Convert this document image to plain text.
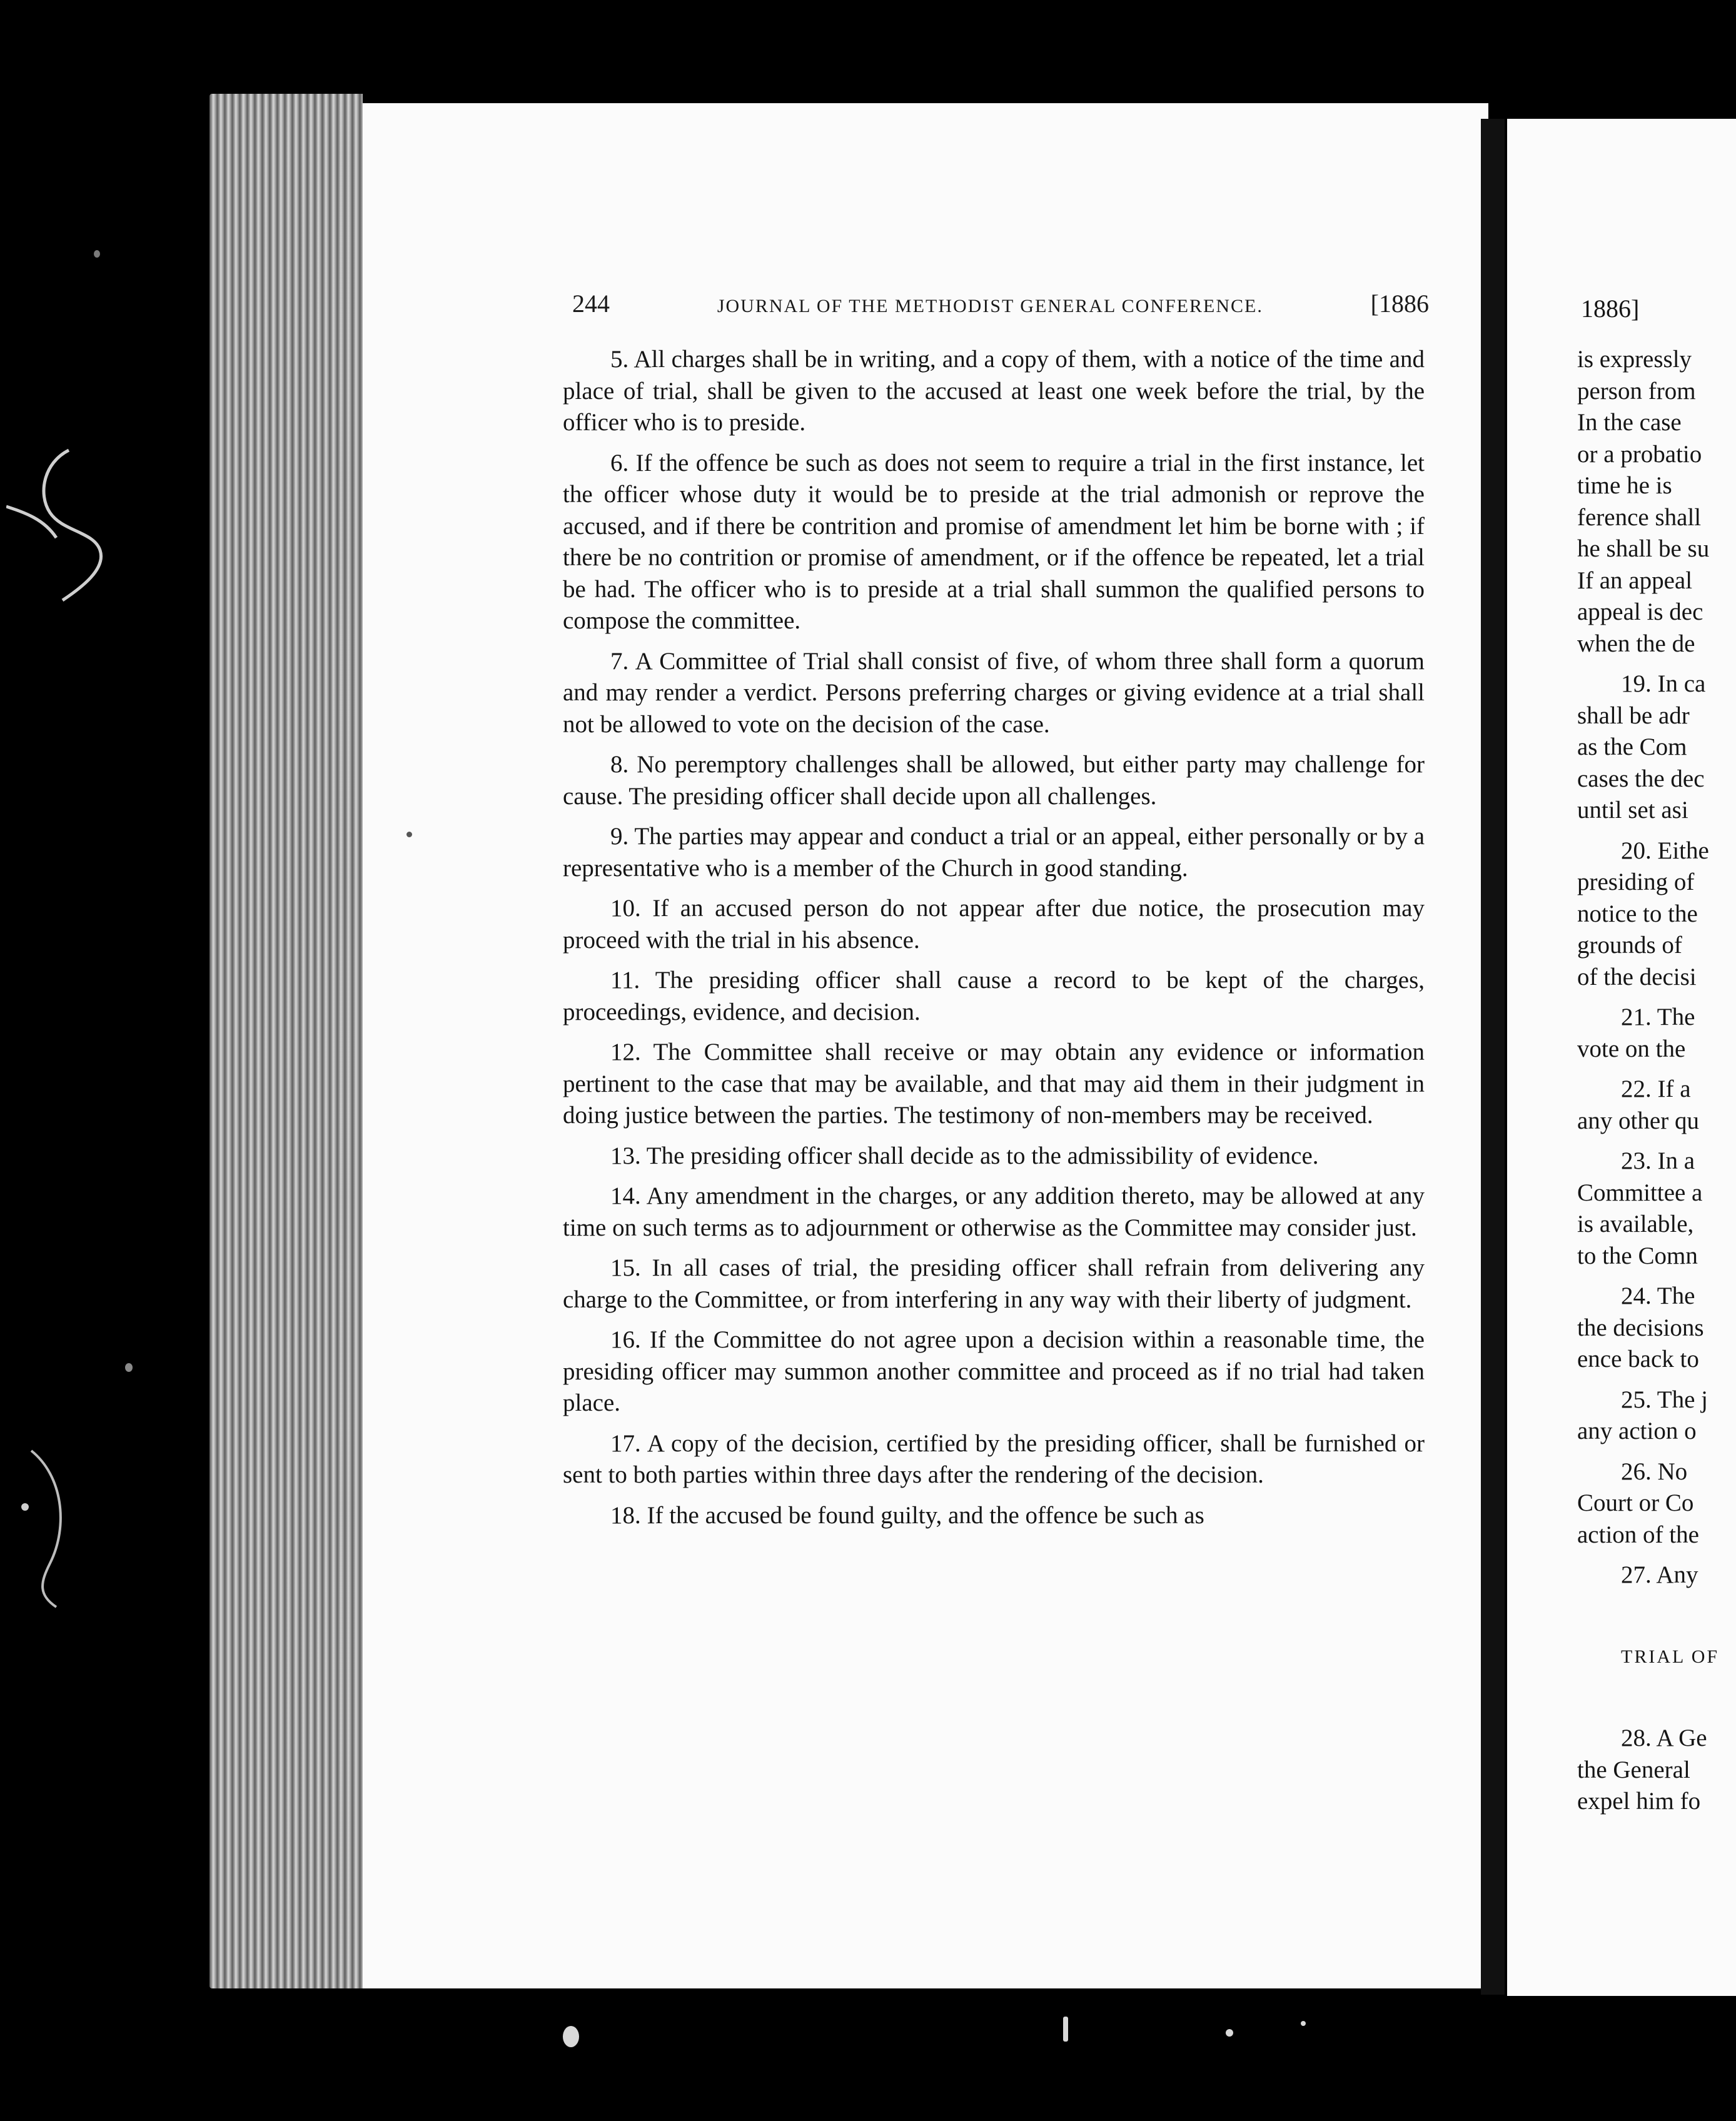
244	JOURNAL OF THE METHODIST GENERAL CONFERENCE.	[1886

5. All charges shall be in writing, and a copy of them, with a notice of the time and place of trial, shall be given to the accused at least one week before the trial, by the officer who is to preside.

6. If the offence be such as does not seem to require a trial in the first instance, let the officer whose duty it would be to preside at the trial admonish or reprove the accused, and if there be contrition and promise of amendment let him be borne with ; if there be no contrition or promise of amendment, or if the offence be repeated, let a trial be had. The officer who is to preside at a trial shall summon the qualified persons to compose the committee.

7. A Committee of Trial shall consist of five, of whom three shall form a quorum and may render a verdict. Persons preferring charges or giving evidence at a trial shall not be allowed to vote on the decision of the case.

8. No peremptory challenges shall be allowed, but either party may challenge for cause. The presiding officer shall decide upon all challenges.

9. The parties may appear and conduct a trial or an appeal, either personally or by a representative who is a member of the Church in good standing.

10. If an accused person do not appear after due notice, the prosecution may proceed with the trial in his absence.

11. The presiding officer shall cause a record to be kept of the charges, proceedings, evidence, and decision.

12. The Committee shall receive or may obtain any evidence or information pertinent to the case that may be available, and that may aid them in their judgment in doing justice between the parties. The testimony of non-members may be received.

13. The presiding officer shall decide as to the admissibility of evidence.

14. Any amendment in the charges, or any addition thereto, may be allowed at any time on such terms as to adjournment or otherwise as the Committee may consider just.

15. In all cases of trial, the presiding officer shall refrain from delivering any charge to the Committee, or from interfering in any way with their liberty of judgment.

16. If the Committee do not agree upon a decision within a reasonable time, the presiding officer may summon another committee and proceed as if no trial had taken place.

17. A copy of the decision, certified by the presiding officer, shall be furnished or sent to both parties within three days after the rendering of the decision.

18. If the accused be found guilty, and the offence be such as

1886]
is expressly
person from
In the case
or a probatio
time he is
ference shall
he shall be su
If an appeal
appeal is dec
when the de
19. In ca
shall be adr
as the Com
cases the dec
until set asi
20. Eithe
presiding of
notice to the
grounds of
of the decisi
21. The
vote on the
22. If a
any other qu
23. In a
Committee a
is available,
to the Comn
24. The
the decisions
ence back to
25. The j
any action o
26. No
Court or Co
action of the
27. Any
TRIAL OF
28. A Ge
the General
expel him fo
